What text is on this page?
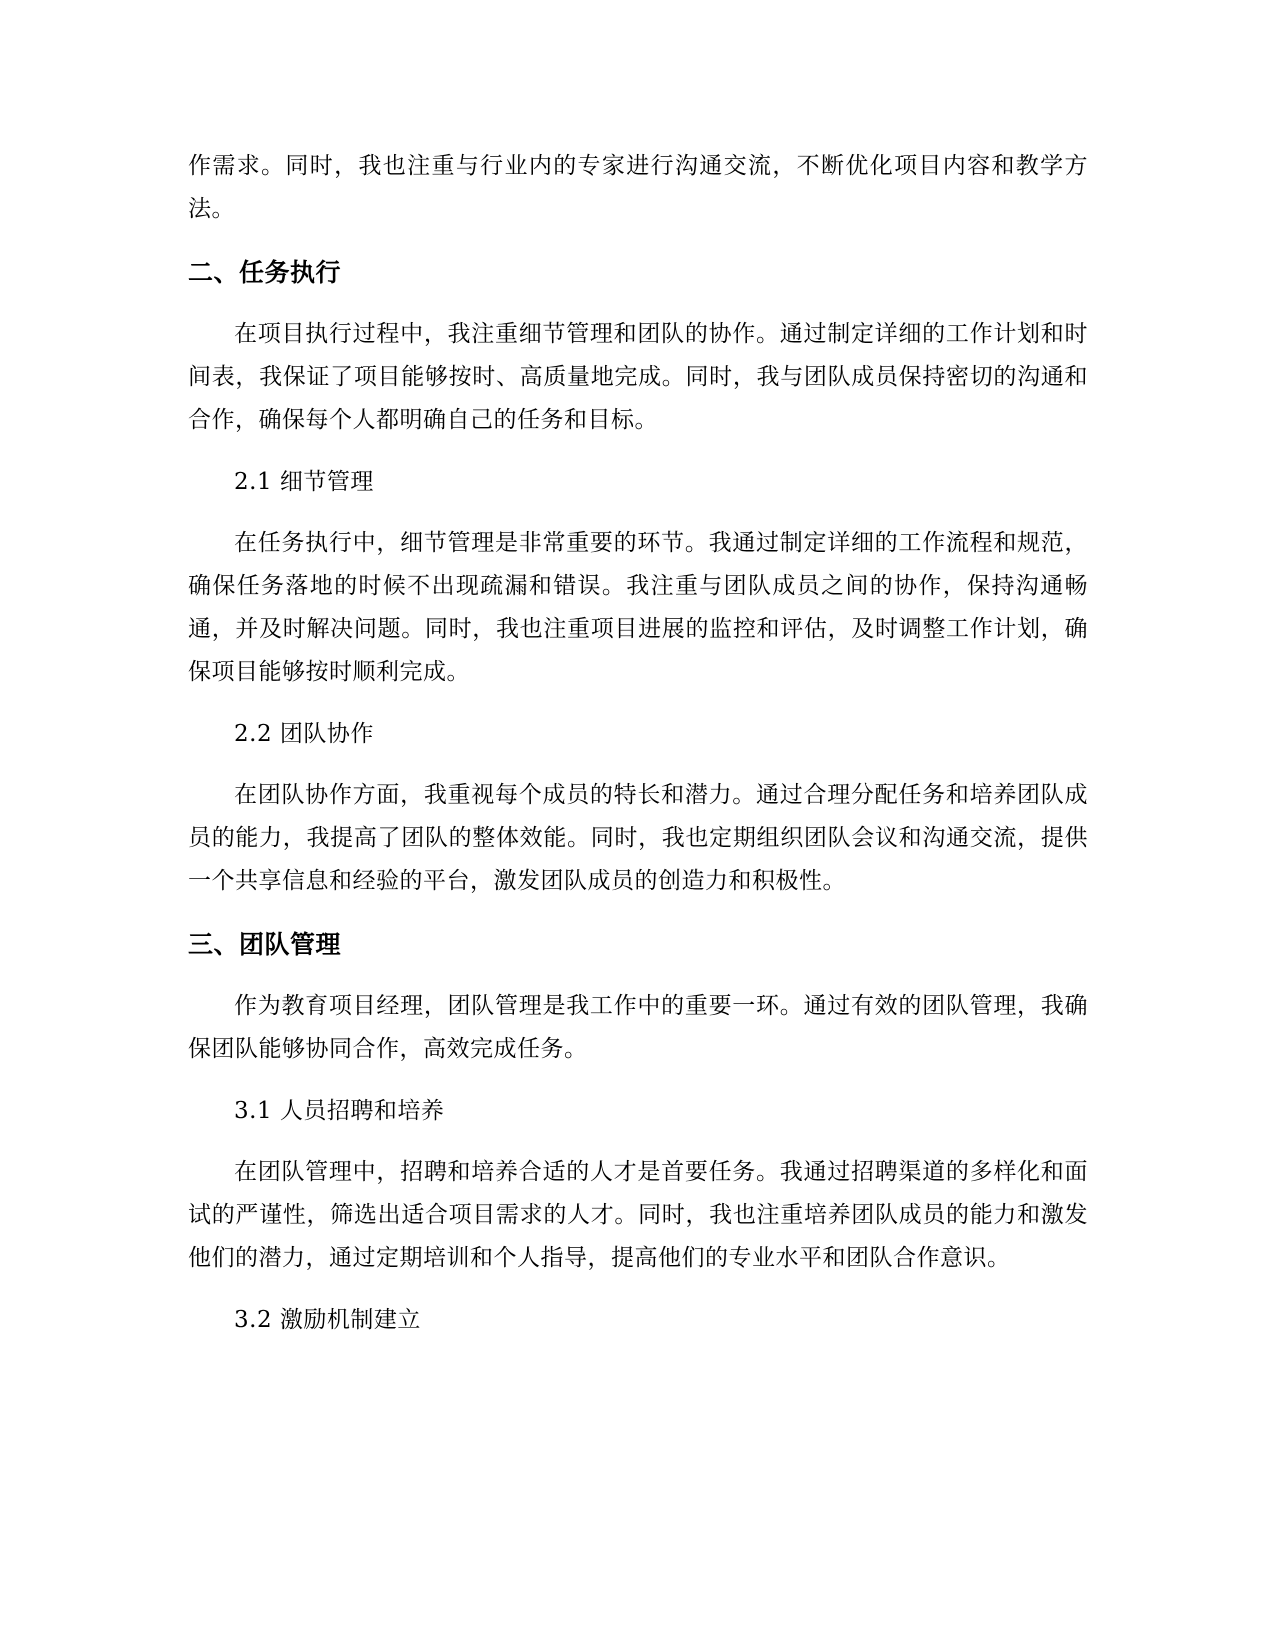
作需求。同时，我也注重与行业内的专家进行沟通交流，不断优化项目内容和教学方法。

二、任务执行

在项目执行过程中，我注重细节管理和团队的协作。通过制定详细的工作计划和时间表，我保证了项目能够按时、高质量地完成。同时，我与团队成员保持密切的沟通和合作，确保每个人都明确自己的任务和目标。

2.1 细节管理

在任务执行中，细节管理是非常重要的环节。我通过制定详细的工作流程和规范，确保任务落地的时候不出现疏漏和错误。我注重与团队成员之间的协作，保持沟通畅通，并及时解决问题。同时，我也注重项目进展的监控和评估，及时调整工作计划，确保项目能够按时顺利完成。

2.2 团队协作

在团队协作方面，我重视每个成员的特长和潜力。通过合理分配任务和培养团队成员的能力，我提高了团队的整体效能。同时，我也定期组织团队会议和沟通交流，提供一个共享信息和经验的平台，激发团队成员的创造力和积极性。

三、团队管理

作为教育项目经理，团队管理是我工作中的重要一环。通过有效的团队管理，我确保团队能够协同合作，高效完成任务。

3.1 人员招聘和培养

在团队管理中，招聘和培养合适的人才是首要任务。我通过招聘渠道的多样化和面试的严谨性，筛选出适合项目需求的人才。同时，我也注重培养团队成员的能力和激发他们的潜力，通过定期培训和个人指导，提高他们的专业水平和团队合作意识。

3.2 激励机制建立
